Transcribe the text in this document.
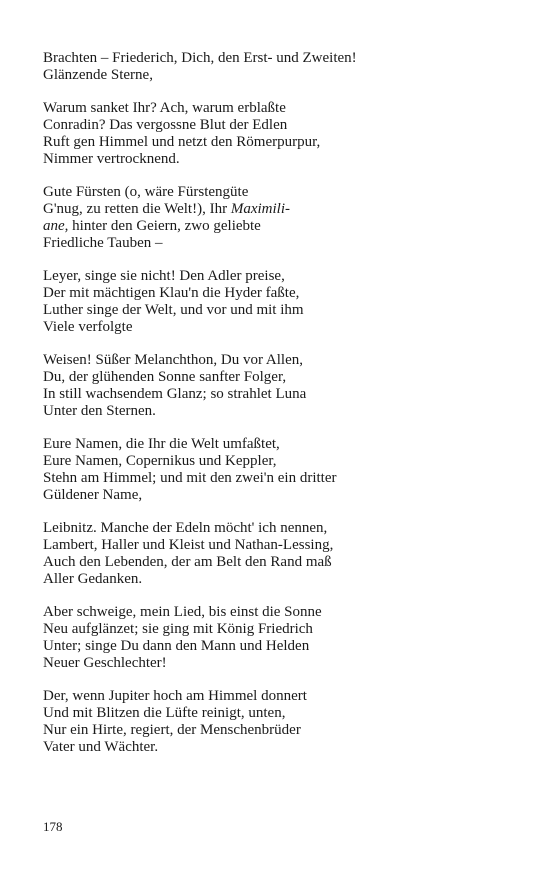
Brachten – Friederich, Dich, den Erst- und Zweiten!
Glänzende Sterne,
Warum sanket Ihr? Ach, warum erblaßte
Conradin? Das vergossne Blut der Edlen
Ruft gen Himmel und netzt den Römerpurpur,
Nimmer vertrocknend.
Gute Fürsten (o, wäre Fürstengüte
G'nug, zu retten die Welt!), Ihr Maximili-
ane, hinter den Geiern, zwo geliebte
Friedliche Tauben –
Leyer, singe sie nicht! Den Adler preise,
Der mit mächtigen Klau'n die Hyder faßte,
Luther singe der Welt, und vor und mit ihm
Viele verfolgte
Weisen! Süßer Melanchthon, Du vor Allen,
Du, der glühenden Sonne sanfter Folger,
In still wachsendem Glanz; so strahlet Luna
Unter den Sternen.
Eure Namen, die Ihr die Welt umfaßtet,
Eure Namen, Copernikus und Keppler,
Stehn am Himmel; und mit den zwei'n ein dritter
Güldener Name,
Leibnitz. Manche der Edeln möcht' ich nennen,
Lambert, Haller und Kleist und Nathan-Lessing,
Auch den Lebenden, der am Belt den Rand maß
Aller Gedanken.
Aber schweige, mein Lied, bis einst die Sonne
Neu aufglänzet; sie ging mit König Friedrich
Unter; singe Du dann den Mann und Helden
Neuer Geschlechter!
Der, wenn Jupiter hoch am Himmel donnert
Und mit Blitzen die Lüfte reinigt, unten,
Nur ein Hirte, regiert, der Menschenbrüder
Vater und Wächter.
178
